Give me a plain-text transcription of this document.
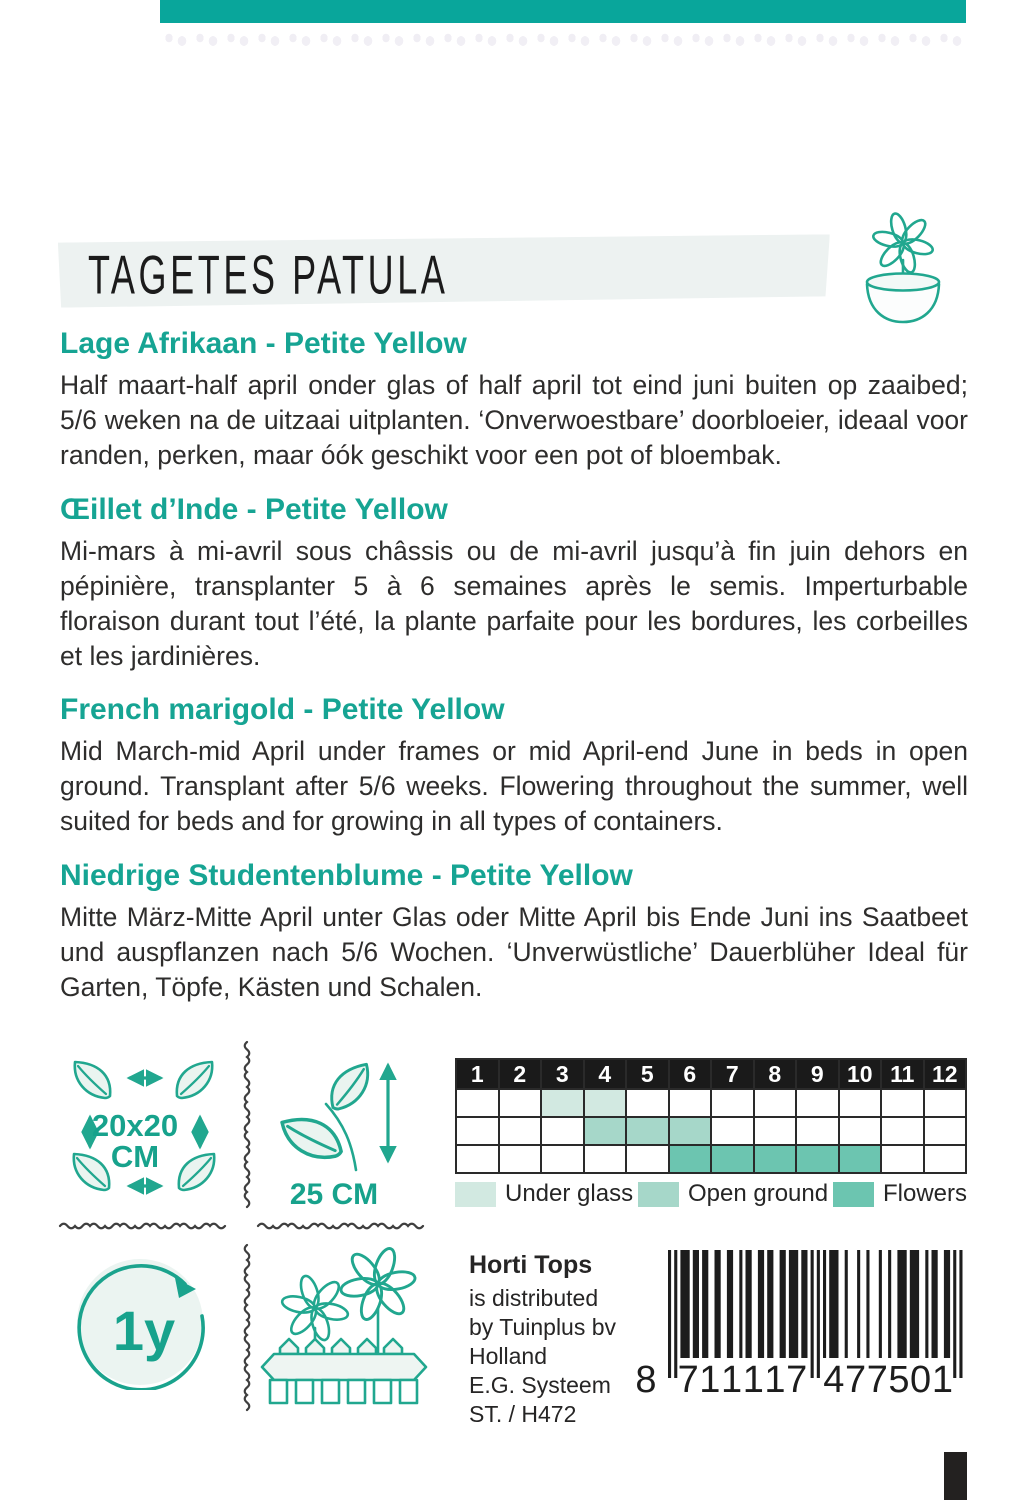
TAGETES PATULA
Lage Afrikaan - Petite Yellow

Half maart-half april onder glas of half april tot eind juni buiten op zaaibed; 5/6 weken na de uitzaai uitplanten. ‘Onverwoestbare’ doorbloeier, ideaal voor randen, perken, maar óók geschikt voor een pot of bloembak.

Œillet d’Inde - Petite Yellow

Mi-mars à mi-avril sous châssis ou de mi-avril jusqu’à fin juin dehors en pépinière, transplanter 5 à 6 semaines après le semis. Imperturbable floraison durant tout l’été, la plante parfaite pour les bordures, les corbeilles et les jardinières.

French marigold - Petite Yellow

Mid March-mid April under frames or mid April-end June in beds in open ground. Transplant after 5/6 weeks. Flowering throughout the summer, well suited for beds and for growing in all types of containers.

Niedrige Studentenblume - Petite Yellow

Mitte März-Mitte April unter Glas oder Mitte April bis Ende Juni ins Saatbeet und auspflanzen nach 5/6 Wochen. ‘Unverwüstliche’ Dauerblüher Ideal für Garten, Töpfe, Kästen und Schalen.

20x20
CM
25 CM
1y
1	2	3	4	5	6	7	8	9	10	11	12

Under glass Open ground Flowers
Horti Tops
is distributed
by Tuinplus bv
Holland
E.G. Systeem
ST. / H472
8 7	4
1	7
1	7
1	5
1	0
7	1
